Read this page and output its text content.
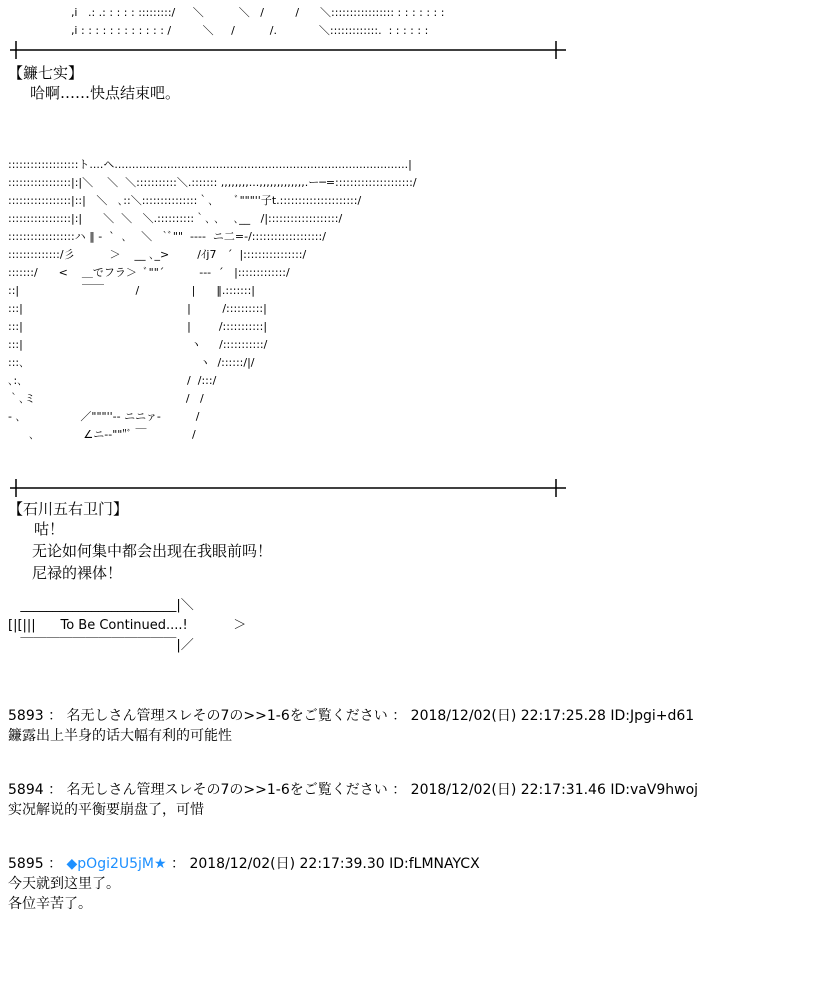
,i   .: .: : : : : :::::::::/     ＼          ＼   /         /      ＼::::::::::::::::: : : : : : : :
,i : : : : : : : : : : : : /         ＼     /          /.            ＼:::::::::::::.  : : : : : :
【鐮七实】
哈啊……快点结束吧。
:::::::::::::::::::ト....ヘ....................................................................................|
:::::::::::::::::|:|＼    ＼  ＼:::::::::::＼.::::::: ,,,,,,,,...,,,,,,,,,,,,,.ー─=:::::::::::::::::::::/
:::::::::::::::::|::|   ＼   ､::＼:::::::::::::::｀､      ﾞ"""''子t.:::::::::::::::::::::/
:::::::::::::::::|:|      ＼  ＼   ＼.::::::::::｀､ ､    ､__   /|:::::::::::::::::::/
::::::::::::::::::ハ ‖ -  `  ､    ＼   `ﾞ""  ----  ニ二=-/:::::::::::::::::::/
::::::::::::::/彡          ＞    __ ､_>        /ｲj7   ´  |::::::::::::::::/
:::::::/      <    ＿でフラ＞  ﾞ""´          ---  ´   |:::::::::::::/
::|                  ￣￣         /               |      ‖.:::::::|
:::|                                               |         /::::::::::|
:::|                                               |        /:::::::::::|
:::|                                                ヽ     /:::::::::::/
:::､                                                  ヽ  /::::::/|/
､:､                                               /  /:::/
｀､ミ                                           /   /
- ､                 ／"""''-- ニニァ-          /
､              ∠ニ--"""ﾞ ￣             /
【石川五右卫门】
咕！
无论如何集中都会出现在我眼前吗！
尼禄的裸体！
________________________|＼
[|[|||      To Be Continued....!           ＞
￣￣￣￣￣￣￣￣￣￣￣￣|／
5893 ： 名无しさん管理スレその7の>>1-6をご覧ください ： 2018/12/02(日) 22:17:25.28 ID:Jpgi+d61
鐮露出上半身的话大幅有利的可能性
5894 ： 名无しさん管理スレその7の>>1-6をご覧ください ： 2018/12/02(日) 22:17:31.46 ID:vaV9hwoj
实况解说的平衡要崩盘了，可惜
5895 ： ◆pOgi2U5jM★ ： 2018/12/02(日) 22:17:39.30 ID:fLMNAYCX
今天就到这里了。
各位辛苦了。
